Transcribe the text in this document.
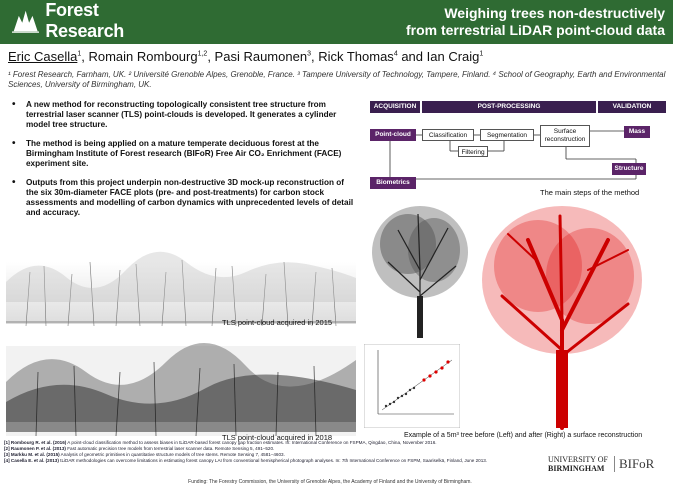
Forest Research
Weighing trees non-destructively
from terrestrial LiDAR point-cloud data
Eric Casella$^1$, Romain Rombourg$^{1,2}$, Pasi Raumonen$^3$, Rick Thomas$^4$ and Ian Craig$^1$
¹ Forest Research, Farnham, UK. ² Université Grenoble Alpes, Grenoble, France. ³ Tampere University of Technology, Tampere, Finland. ⁴ School of Geography, Earth and Environmental Sciences, University of Birmingham, UK.
• A new method for reconstructing topologically consistent tree structure from terrestrial laser scanner (TLS) point-clouds is developed. It generates a cylinder model tree structure.
• The method is being applied on a mature temperate deciduous forest at the Birmingham Institute of Forest research (BIFoR) Free Air CO₂ Enrichment (FACE) experiment site.
• Outputs from this project underpin non-destructive 3D mock-up reconstruction of the six 30m-diameter FACE plots (pre- and post-treatments) for carbon stock assessments and modelling of carbon dynamics with unprecedented levels of detail and accuracy.
ACQUISITION	POST-PROCESSING	VALIDATION
Point-cloud	Classification
Filtering
Segmentation
Surface reconstruction
Mass
Structure
Biometrics
The main steps of the method
TLS point-cloud acquired in 2015
TLS point-cloud acquired in 2018	Example of a 5m³ tree before (Left) and after (Right) a surface reconstruction
[1] Rombourg R. et al. (2016) A point-cloud classification method to assess biases in tLiDAR-based forest canopy gap fraction estimates. In: International Conference on FSPMA, Qingdao, China, November 2016.
[2] Raumonen P. et al. (2013) Fast automatic precision tree models from terrestrial laser scanner data. Remote Sensing 5, 491–520.
[3] Markku M. et al. (2015) Analysis of geometric primitives in quantitative structure models of tree stems. Remote Sensing 7, 4581–4603.
[4] Casella E. et al. (2013) tLiDAR methodologies can overcome limitations in estimating forest canopy LAI from conventional hemispherical photograph analyses. In: 7th International Conference on FSPM, Saariselkä, Finland, June 2013.
Funding: The Forestry Commission, the University of Grenoble Alpes, the Academy of Finland and the University of Birmingham.
UNIVERSITY OF
BIRMINGHAM	BIFoR
